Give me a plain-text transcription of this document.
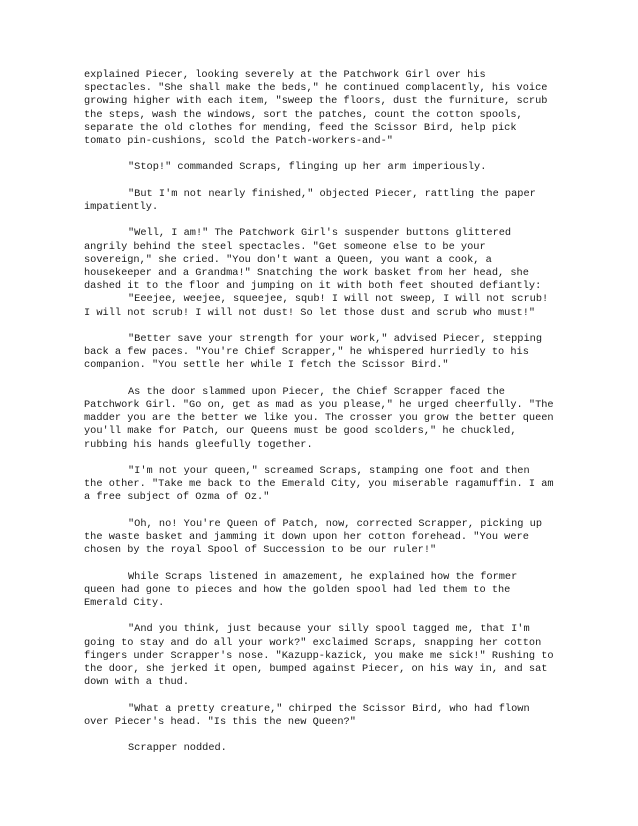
explained Piecer, looking severely at the Patchwork Girl over his spectacles. "She shall make the beds," he continued complacently, his voice growing higher with each item, "sweep the floors, dust the furniture, scrub the steps, wash the windows, sort the patches, count the cotton spools, separate the old clothes for mending, feed the Scissor Bird, help pick tomato pin-cushions, scold the Patch-workers-and-"

"Stop!" commanded Scraps, flinging up her arm imperiously.

"But I'm not nearly finished," objected Piecer, rattling the paper impatiently.

"Well, I am!" The Patchwork Girl's suspender buttons glittered angrily behind the steel spectacles. "Get someone else to be your sovereign," she cried. "You don't want a Queen, you want a cook, a housekeeper and a Grandma!" Snatching the work basket from her head, she dashed it to the floor and jumping on it with both feet shouted defiantly:

"Eeejee, weejee, squeejee, squb! I will not sweep, I will not scrub! I will not scrub! I will not dust! So let those dust and scrub who must!"

"Better save your strength for your work," advised Piecer, stepping back a few paces. "You're Chief Scrapper," he whispered hurriedly to his companion. "You settle her while I fetch the Scissor Bird."

As the door slammed upon Piecer, the Chief Scrapper faced the Patchwork Girl. "Go on, get as mad as you please," he urged cheerfully. "The madder you are the better we like you. The crosser you grow the better queen you'll make for Patch, our Queens must be good scolders," he chuckled, rubbing his hands gleefully together.

"I'm not your queen," screamed Scraps, stamping one foot and then the other. "Take me back to the Emerald City, you miserable ragamuffin. I am a free subject of Ozma of Oz."

"Oh, no! You're Queen of Patch, now, corrected Scrapper, picking up the waste basket and jamming it down upon her cotton forehead. "You were chosen by the royal Spool of Succession to be our ruler!"

While Scraps listened in amazement, he explained how the former queen had gone to pieces and how the golden spool had led them to the Emerald City.

"And you think, just because your silly spool tagged me, that I'm going to stay and do all your work?" exclaimed Scraps, snapping her cotton fingers under Scrapper's nose. "Kazupp-kazick, you make me sick!" Rushing to the door, she jerked it open, bumped against Piecer, on his way in, and sat down with a thud.

"What a pretty creature," chirped the Scissor Bird, who had flown over Piecer's head. "Is this the new Queen?"

Scrapper nodded.
